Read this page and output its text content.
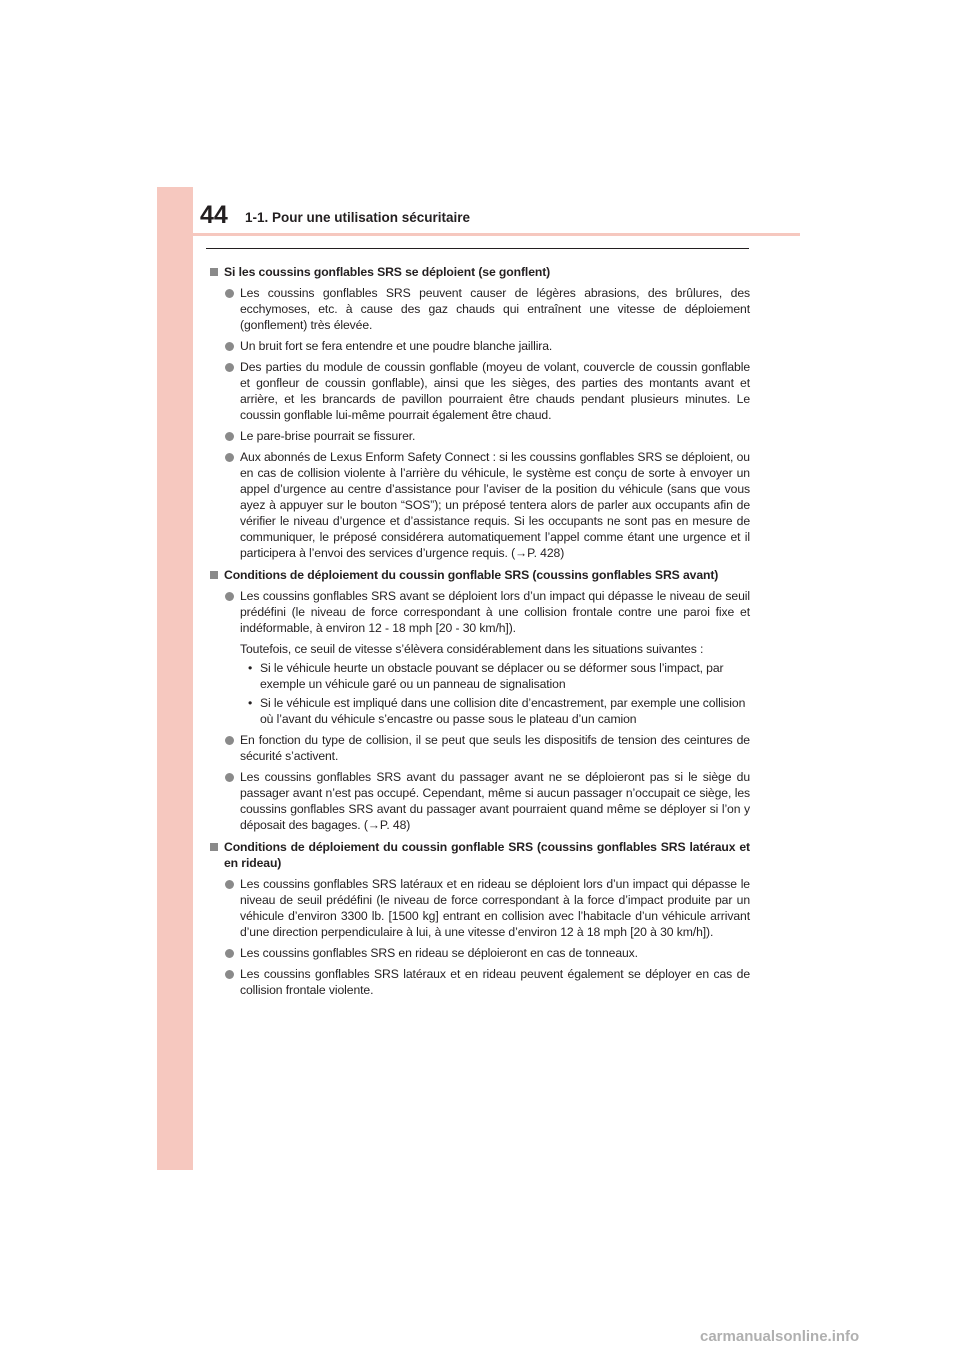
44 1-1. Pour une utilisation sécuritaire
Si les coussins gonflables SRS se déploient (se gonflent)
Les coussins gonflables SRS peuvent causer de légères abrasions, des brûlures, des ecchymoses, etc. à cause des gaz chauds qui entraînent une vitesse de déploiement (gonflement) très élevée.
Un bruit fort se fera entendre et une poudre blanche jaillira.
Des parties du module de coussin gonflable (moyeu de volant, couvercle de coussin gonflable et gonfleur de coussin gonflable), ainsi que les sièges, des parties des montants avant et arrière, et les brancards de pavillon pourraient être chauds pendant plusieurs minutes. Le coussin gonflable lui-même pourrait également être chaud.
Le pare-brise pourrait se fissurer.
Aux abonnés de Lexus Enform Safety Connect : si les coussins gonflables SRS se déploient, ou en cas de collision violente à l’arrière du véhicule, le système est conçu de sorte à envoyer un appel d’urgence au centre d’assistance pour l’aviser de la position du véhicule (sans que vous ayez à appuyer sur le bouton “SOS”); un préposé tentera alors de parler aux occupants afin de vérifier le niveau d’urgence et d’assistance requis. Si les occupants ne sont pas en mesure de communiquer, le préposé considérera automatiquement l’appel comme étant une urgence et il participera à l’envoi des services d’urgence requis. (→P. 428)
Conditions de déploiement du coussin gonflable SRS (coussins gonflables SRS avant)
Les coussins gonflables SRS avant se déploient lors d’un impact qui dépasse le niveau de seuil prédéfini (le niveau de force correspondant à une collision frontale contre une paroi fixe et indéformable, à environ 12 - 18 mph [20 - 30 km/h]).
Toutefois, ce seuil de vitesse s’élèvera considérablement dans les situations suivantes :
• Si le véhicule heurte un obstacle pouvant se déplacer ou se déformer sous l’impact, par exemple un véhicule garé ou un panneau de signalisation
• Si le véhicule est impliqué dans une collision dite d’encastrement, par exemple une collision où l’avant du véhicule s’encastre ou passe sous le plateau d’un camion
En fonction du type de collision, il se peut que seuls les dispositifs de tension des ceintures de sécurité s’activent.
Les coussins gonflables SRS avant du passager avant ne se déploieront pas si le siège du passager avant n’est pas occupé. Cependant, même si aucun passager n’occupait ce siège, les coussins gonflables SRS avant du passager avant pourraient quand même se déployer si l’on y déposait des bagages. (→P. 48)
Conditions de déploiement du coussin gonflable SRS (coussins gonflables SRS latéraux et en rideau)
Les coussins gonflables SRS latéraux et en rideau se déploient lors d’un impact qui dépasse le niveau de seuil prédéfini (le niveau de force correspondant à la force d’impact produite par un véhicule d’environ 3300 lb. [1500 kg] entrant en collision avec l’habitacle d’un véhicule arrivant d’une direction perpendiculaire à lui, à une vitesse d’environ 12 à 18 mph [20 à 30 km/h]).
Les coussins gonflables SRS en rideau se déploieront en cas de tonneaux.
Les coussins gonflables SRS latéraux et en rideau peuvent également se déployer en cas de collision frontale violente.
carmanualsonline.info
